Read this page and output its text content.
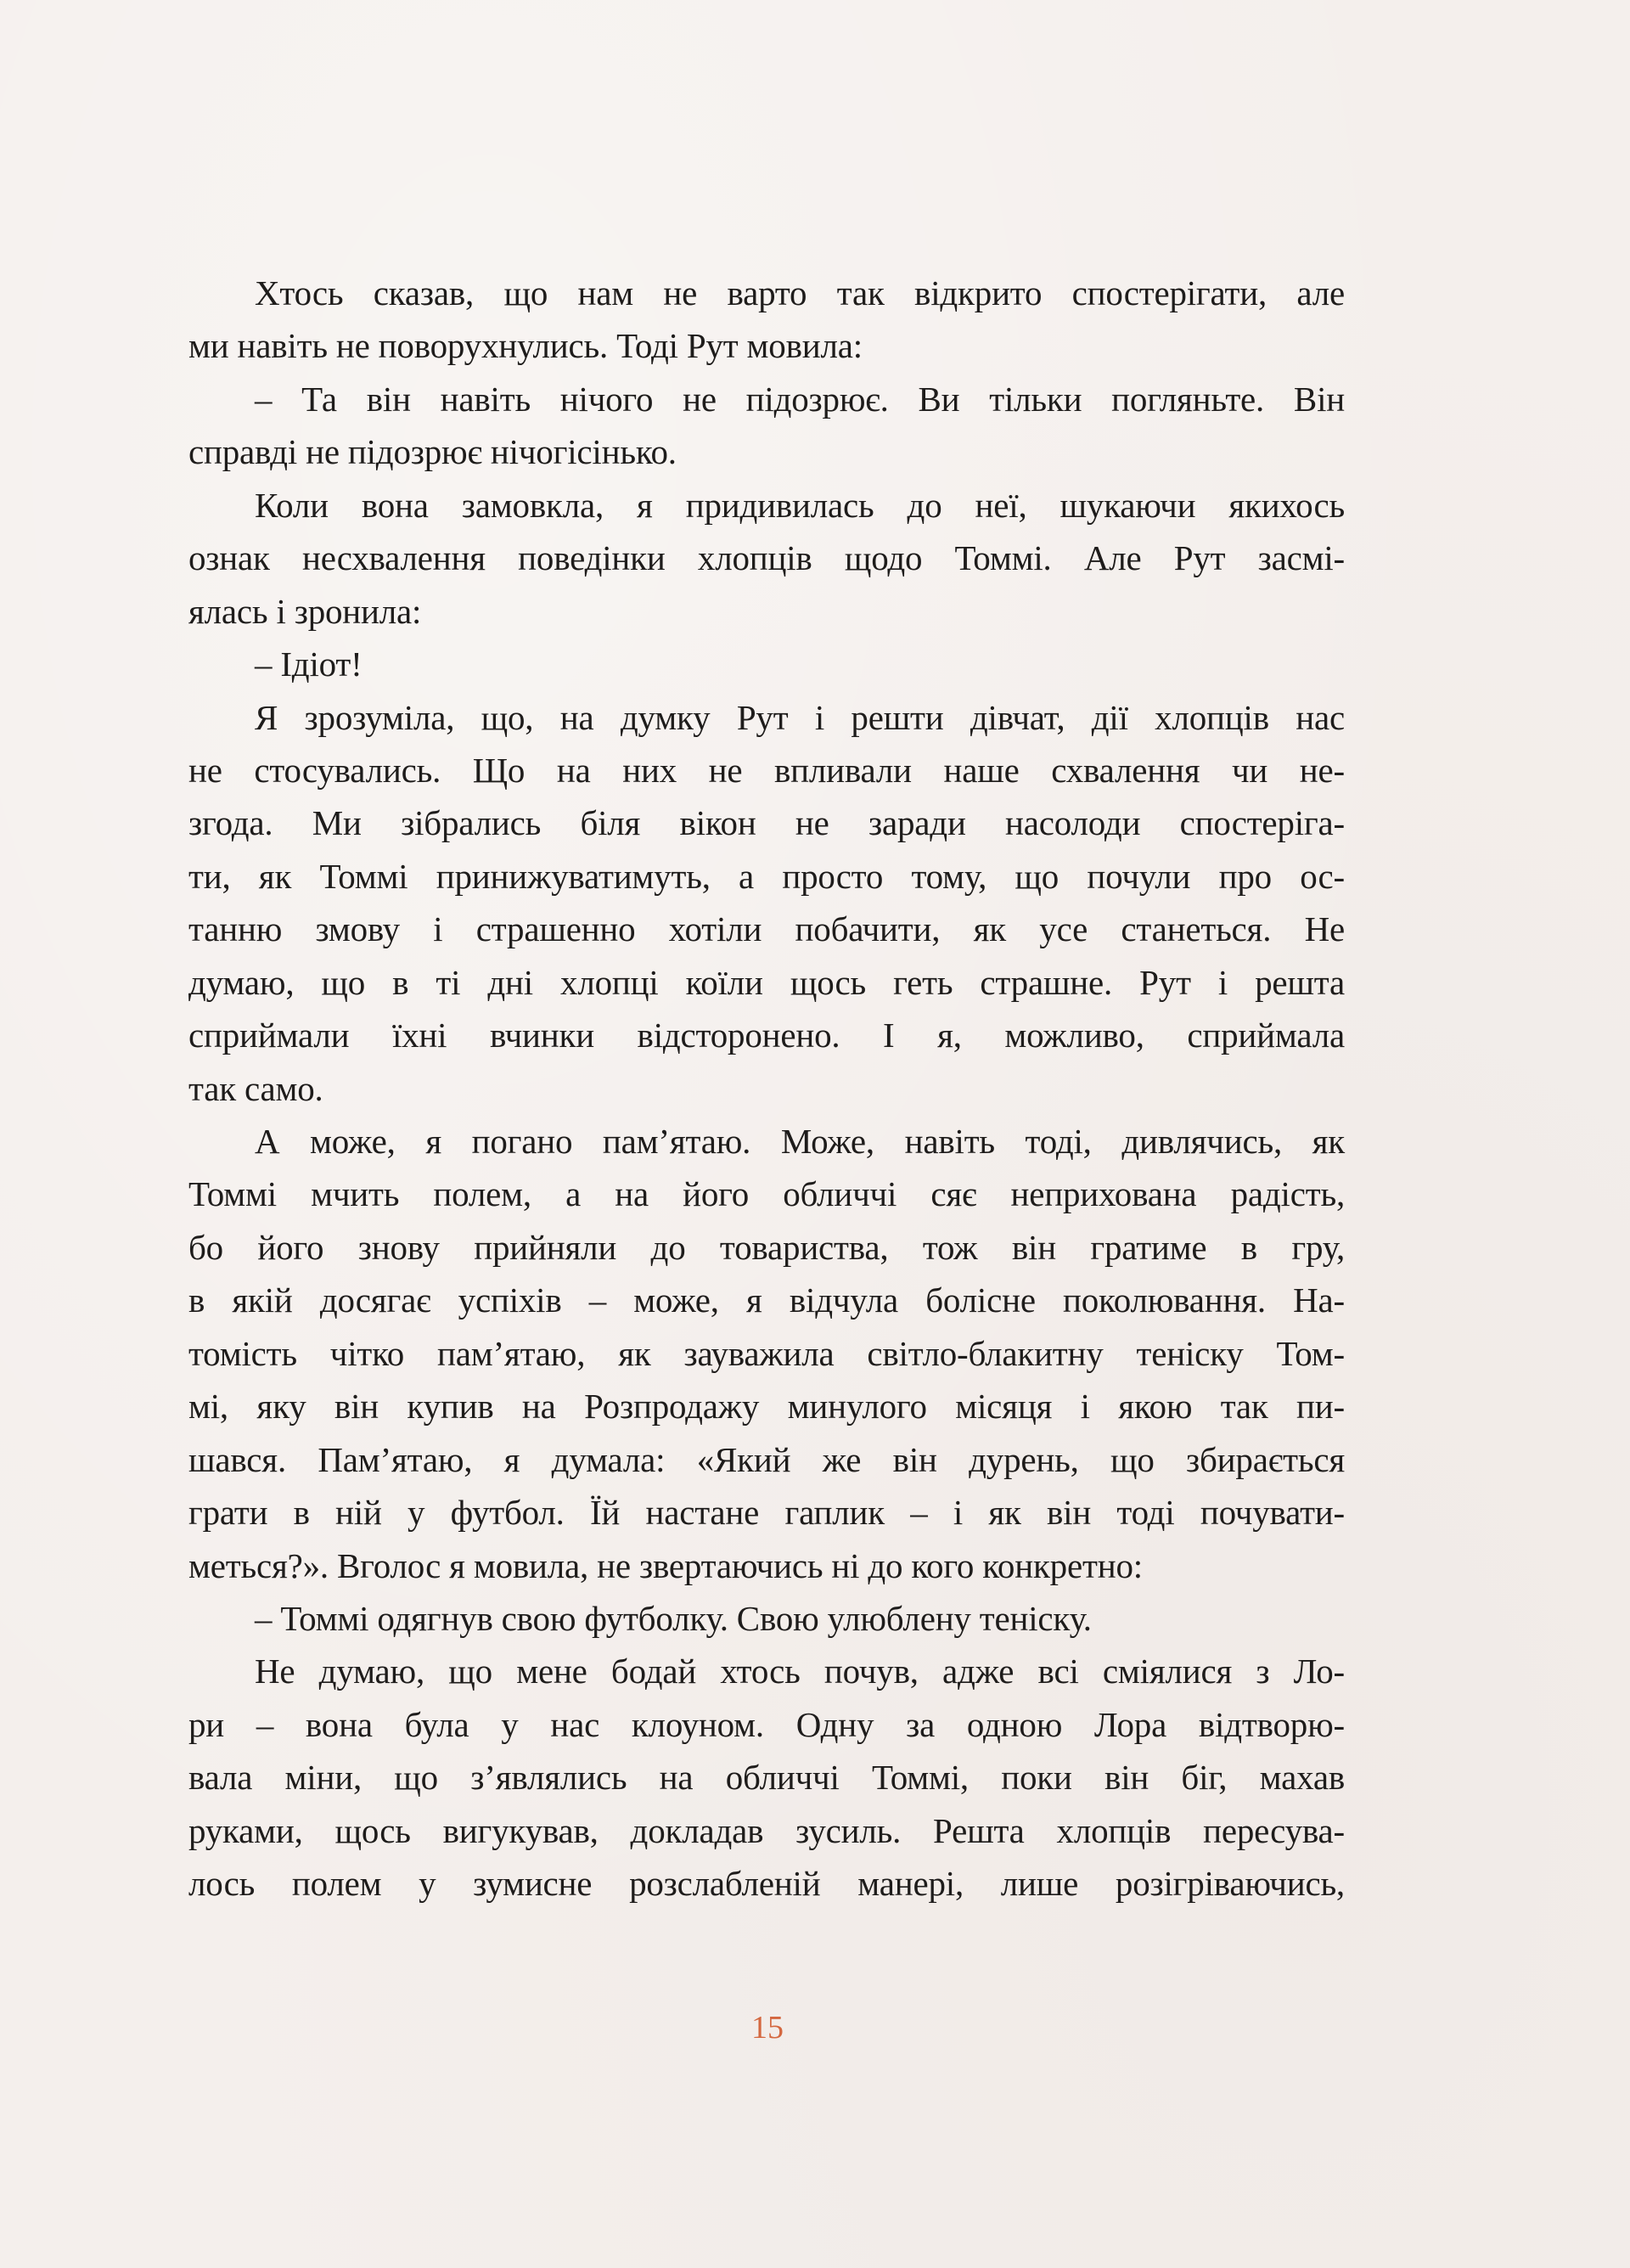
Хтось сказав, що нам не варто так відкрито спостерігати, але
ми навіть не поворухнулись. Тоді Рут мовила:
– Та він навіть нічого не підозрює. Ви тільки погляньте. Він
справді не підозрює нічогісінько.
Коли вона замовкла, я придивилась до неї, шукаючи якихось
ознак несхвалення поведінки хлопців щодо Томмі. Але Рут засмі-
ялась і зронила:
– Ідіот!
Я зрозуміла, що, на думку Рут і решти дівчат, дії хлопців нас
не стосувались. Що на них не впливали наше схвалення чи не-
згода. Ми зібрались біля вікон не заради насолоди спостеріга-
ти, як Томмі принижуватимуть, а просто тому, що почули про ос-
танню змову і страшенно хотіли побачити, як усе станеться. Не
думаю, що в ті дні хлопці коїли щось геть страшне. Рут і решта
сприймали їхні вчинки відсторонено. І я, можливо, сприймала
так само.
А може, я погано пам’ятаю. Може, навіть тоді, дивлячись, як
Томмі мчить полем, а на його обличчі сяє неприхована радість,
бо його знову прийняли до товариства, тож він гратиме в гру,
в якій досягає успіхів – може, я відчула болісне поколювання. На-
томість чітко пам’ятаю, як зауважила світло-блакитну теніску Том-
мі, яку він купив на Розпродажу минулого місяця і якою так пи-
шався. Пам’ятаю, я думала: «Який же він дурень, що збирається
грати в ній у футбол. Їй настане гаплик – і як він тоді почувати-
меться?». Вголос я мовила, не звертаючись ні до кого конкретно:
– Томмі одягнув свою футболку. Свою улюблену теніску.
Не думаю, що мене бодай хтось почув, адже всі сміялися з Ло-
ри – вона була у нас клоуном. Одну за одною Лора відтворю-
вала міни, що з’являлись на обличчі Томмі, поки він біг, махав
руками, щось вигукував, докладав зусиль. Решта хлопців пересува-
лось полем у зумисне розслабленій манері, лише розігріваючись,
15
